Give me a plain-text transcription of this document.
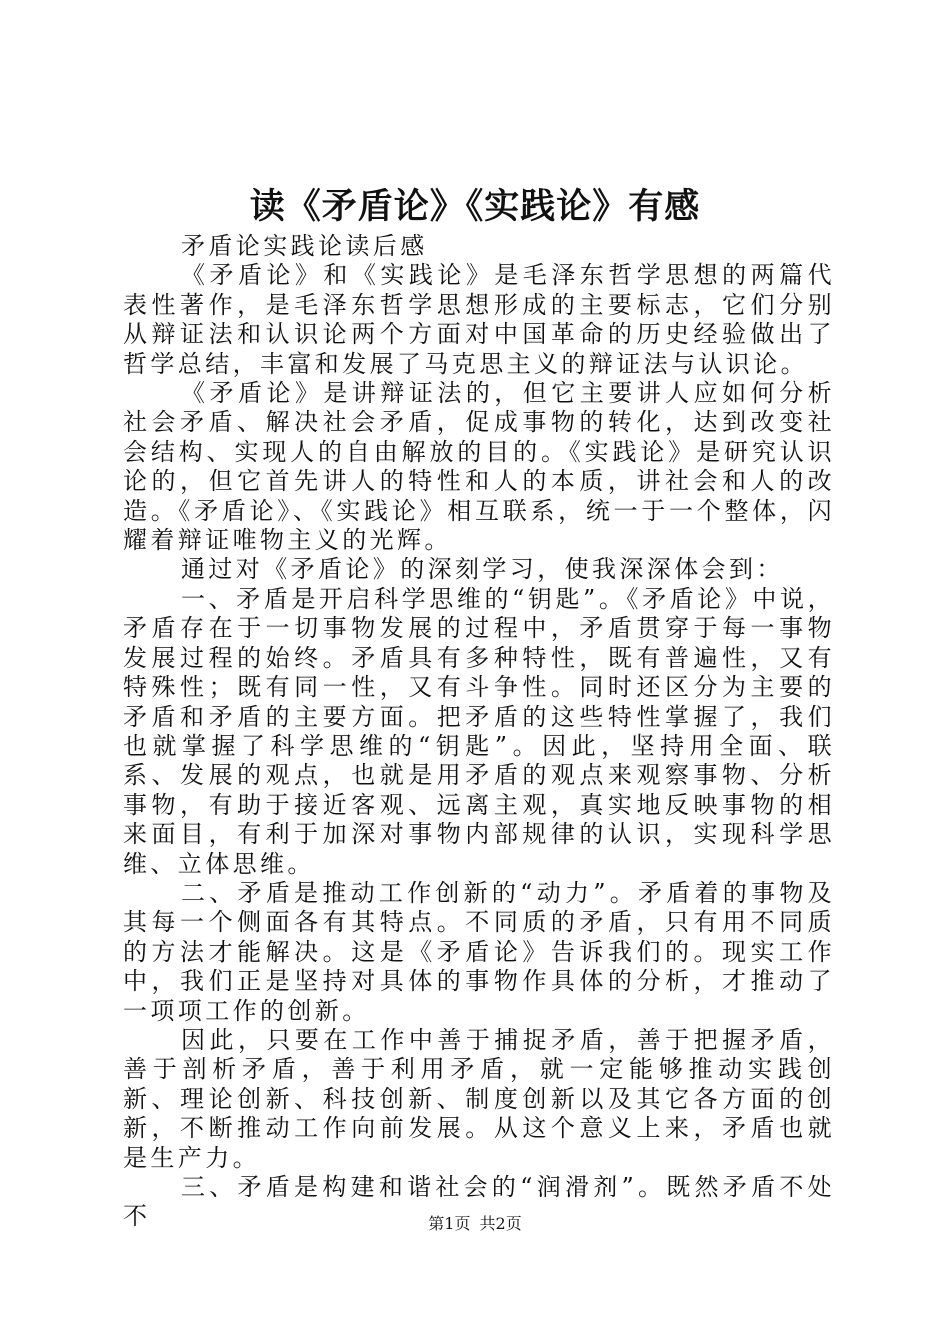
读《矛盾论》《实践论》有感

矛盾论实践论读后感

《矛盾论》和《实践论》是毛泽东哲学思想的两篇代表性著作，是毛泽东哲学思想形成的主要标志，它们分别从辩证法和认识论两个方面对中国革命的历史经验做出了哲学总结，丰富和发展了马克思主义的辩证法与认识论。

《矛盾论》是讲辩证法的，但它主要讲人应如何分析社会矛盾、解决社会矛盾，促成事物的转化，达到改变社会结构、实现人的自由解放的目的。《实践论》是研究认识论的，但它首先讲人的特性和人的本质，讲社会和人的改造。《矛盾论》、《实践论》相互联系，统一于一个整体，闪耀着辩证唯物主义的光辉。

通过对《矛盾论》的深刻学习，使我深深体会到：

一、矛盾是开启科学思维的“钥匙”。《矛盾论》中说，矛盾存在于一切事物发展的过程中，矛盾贯穿于每一事物发展过程的始终。矛盾具有多种特性，既有普遍性，又有特殊性；既有同一性，又有斗争性。同时还区分为主要的矛盾和矛盾的主要方面。把矛盾的这些特性掌握了，我们也就掌握了科学思维的“钥匙”。因此，坚持用全面、联系、发展的观点，也就是用矛盾的观点来观察事物、分析事物，有助于接近客观、远离主观，真实地反映事物的相来面目，有利于加深对事物内部规律的认识，实现科学思维、立体思维。

二、矛盾是推动工作创新的“动力”。矛盾着的事物及其每一个侧面各有其特点。不同质的矛盾，只有用不同质的方法才能解决。这是《矛盾论》告诉我们的。现实工作中，我们正是坚持对具体的事物作具体的分析，才推动了一项项工作的创新。

因此，只要在工作中善于捕捉矛盾，善于把握矛盾，善于剖析矛盾，善于利用矛盾，就一定能够推动实践创新、理论创新、科技创新、制度创新以及其它各方面的创新，不断推动工作向前发展。从这个意义上来，矛盾也就是生产力。

三、矛盾是构建和谐社会的“润滑剂”。既然矛盾不处不	第1页 共2页
